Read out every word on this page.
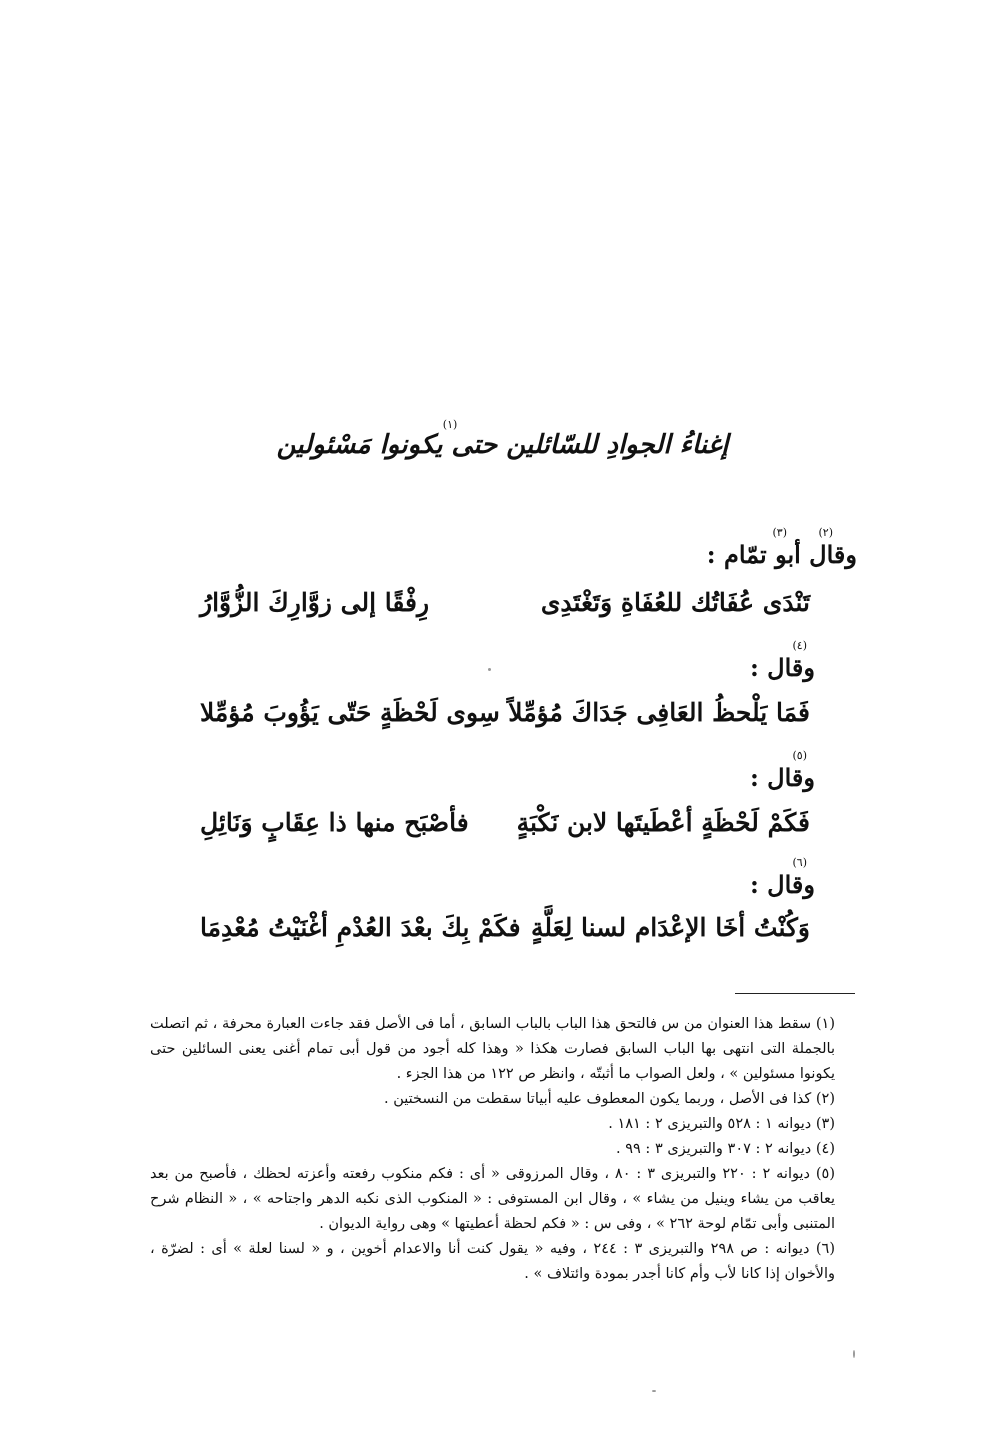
إغناءُ الجوادِ للسّائلين حتى يكونوا مَسْئولين
(١)
وقال أبو تمّام :
(٢)
(٣)
تَنْدَى عُفَاتُك للعُفَاةِ وَتَغْتَدِى
رِفْقًا إلى زوَّارِكَ الزُّوَّارُ
وقال :
(٤)
فَمَا يَلْحظُ العَافِى جَدَاكَ مُؤمِّلاً
سِوى لَحْظَةٍ حَتّى يَؤُوبَ مُؤمِّلا
وقال :
(٥)
فَكَمْ لَحْظَةٍ أعْطَيتَها لابن نَكْبَةٍ
فأصْبَح منها ذا عِقَابٍ وَنَائِلِ
وقال :
(٦)
وَكُنْتُ أخَا الإعْدَام لسنا لِعَلَّةٍ
فكَمْ بِكَ بعْدَ العُدْمِ أغْنَيْتُ مُعْدِمَا

(١) سقط هذا العنوان من س فالتحق هذا الباب بالباب السابق ، أما فى الأصل فقد جاءت العبارة محرفة ، ثم اتصلت بالجملة التى انتهى بها الباب السابق فصارت هكذا « وهذا كله أجود من قول أبى تمام أغنى يعنى السائلين حتى يكونوا مسئولين » ، ولعل الصواب ما أثبتّه ، وانظر ص ١٢٢ من هذا الجزء .

(٢) كذا فى الأصل ، وربما يكون المعطوف عليه أبياتا سقطت من النسختين .

(٣) ديوانه ١ : ٥٢٨ والتبريزى ٢ : ١٨١ .

(٤) ديوانه ٢ : ٣٠٧ والتبريزى ٣ : ٩٩ .

(٥) ديوانه ٢ : ٢٢٠ والتبريزى ٣ : ٨٠ ، وقال المرزوقى « أى : فكم منكوب رفعته وأعزته لحظك ، فأصبح من بعد يعاقب من يشاء وينيل من يشاء » ، وقال ابن المستوفى : « المنكوب الذى نكبه الدهر واجتاحه » ، « النظام شرح المتنبى وأبى تمّام لوحة ٢٦٢ » ، وفى س : « فكم لحظة أعطيتها » وهى رواية الديوان .

(٦) ديوانه : ص ٢٩٨ والتبريزى ٣ : ٢٤٤ ، وفيه « يقول كنت أنا والاعدام أخوين ، و « لسنا لعلة » أى : لضرّة ، والأخوان إذا كانا لأب وأم كانا أجدر بمودة وائتلاف » .
